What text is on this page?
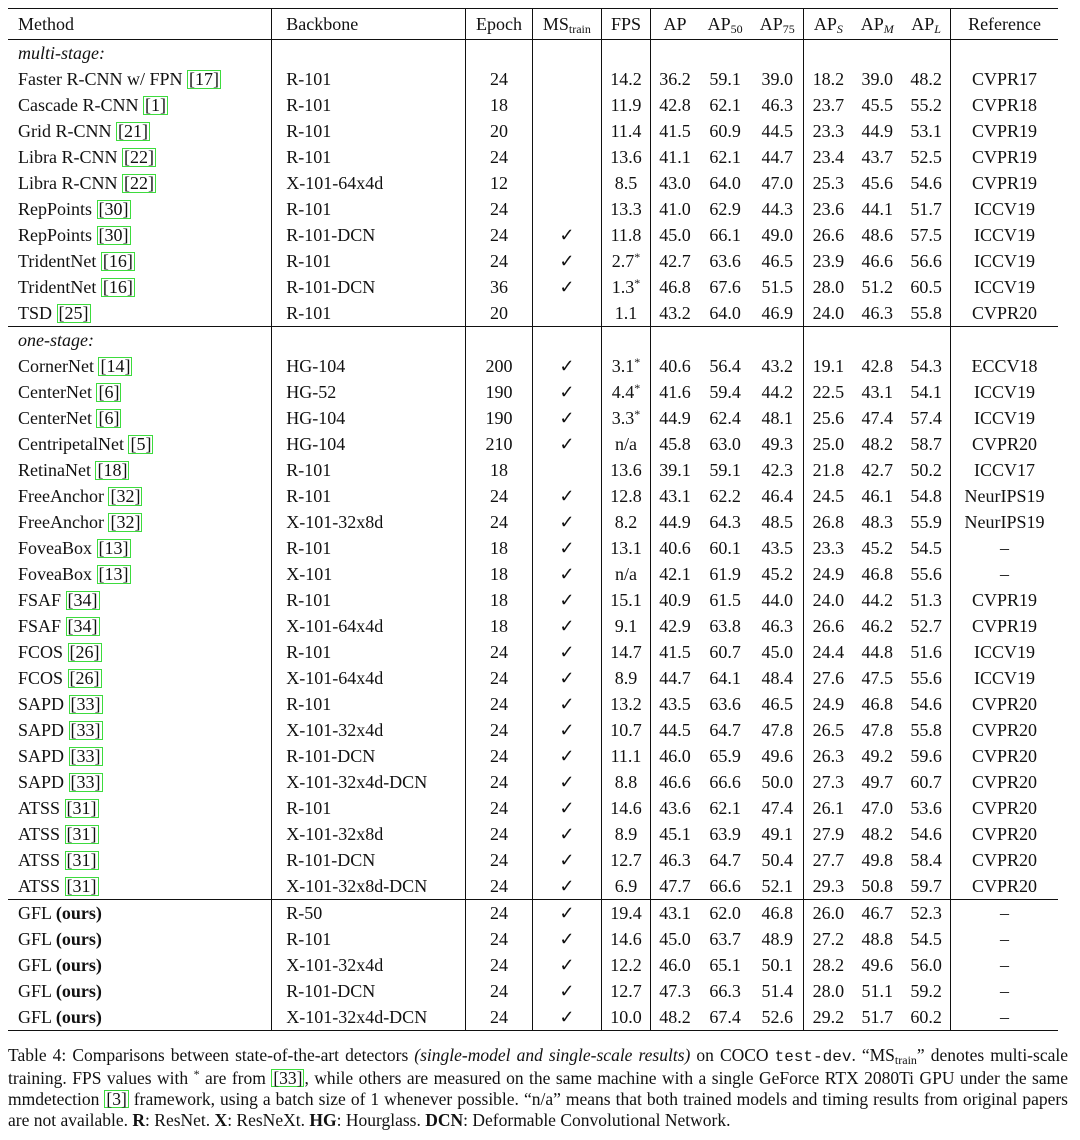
Method	Backbone	Epoch	$MS_{train}$	FPS	AP	$AP_{50}$	$AP_{75}$	$AP_S$	$AP_M$	$AP_L$	Reference
multi-stage:											
Faster R-CNN w/ FPN [17]	R-101	24		14.2	36.2	59.1	39.0	18.2	39.0	48.2	CVPR17
Cascade R-CNN [1]	R-101	18		11.9	42.8	62.1	46.3	23.7	45.5	55.2	CVPR18
Grid R-CNN [21]	R-101	20		11.4	41.5	60.9	44.5	23.3	44.9	53.1	CVPR19
Libra R-CNN [22]	R-101	24		13.6	41.1	62.1	44.7	23.4	43.7	52.5	CVPR19
Libra R-CNN [22]	X-101-64x4d	12		8.5	43.0	64.0	47.0	25.3	45.6	54.6	CVPR19
RepPoints [30]	R-101	24		13.3	41.0	62.9	44.3	23.6	44.1	51.7	ICCV19
RepPoints [30]	R-101-DCN	24	✓	11.8	45.0	66.1	49.0	26.6	48.6	57.5	ICCV19
TridentNet [16]	R-101	24	✓	2.7*	42.7	63.6	46.5	23.9	46.6	56.6	ICCV19
TridentNet [16]	R-101-DCN	36	✓	1.3*	46.8	67.6	51.5	28.0	51.2	60.5	ICCV19
TSD [25]	R-101	20		1.1	43.2	64.0	46.9	24.0	46.3	55.8	CVPR20
one-stage:											
CornerNet [14]	HG-104	200	✓	3.1*	40.6	56.4	43.2	19.1	42.8	54.3	ECCV18
CenterNet [6]	HG-52	190	✓	4.4*	41.6	59.4	44.2	22.5	43.1	54.1	ICCV19
CenterNet [6]	HG-104	190	✓	3.3*	44.9	62.4	48.1	25.6	47.4	57.4	ICCV19
CentripetalNet [5]	HG-104	210	✓	n/a	45.8	63.0	49.3	25.0	48.2	58.7	CVPR20
RetinaNet [18]	R-101	18		13.6	39.1	59.1	42.3	21.8	42.7	50.2	ICCV17
FreeAnchor [32]	R-101	24	✓	12.8	43.1	62.2	46.4	24.5	46.1	54.8	NeurIPS19
FreeAnchor [32]	X-101-32x8d	24	✓	8.2	44.9	64.3	48.5	26.8	48.3	55.9	NeurIPS19
FoveaBox [13]	R-101	18	✓	13.1	40.6	60.1	43.5	23.3	45.2	54.5	–
FoveaBox [13]	X-101	18	✓	n/a	42.1	61.9	45.2	24.9	46.8	55.6	–
FSAF [34]	R-101	18	✓	15.1	40.9	61.5	44.0	24.0	44.2	51.3	CVPR19
FSAF [34]	X-101-64x4d	18	✓	9.1	42.9	63.8	46.3	26.6	46.2	52.7	CVPR19
FCOS [26]	R-101	24	✓	14.7	41.5	60.7	45.0	24.4	44.8	51.6	ICCV19
FCOS [26]	X-101-64x4d	24	✓	8.9	44.7	64.1	48.4	27.6	47.5	55.6	ICCV19
SAPD [33]	R-101	24	✓	13.2	43.5	63.6	46.5	24.9	46.8	54.6	CVPR20
SAPD [33]	X-101-32x4d	24	✓	10.7	44.5	64.7	47.8	26.5	47.8	55.8	CVPR20
SAPD [33]	R-101-DCN	24	✓	11.1	46.0	65.9	49.6	26.3	49.2	59.6	CVPR20
SAPD [33]	X-101-32x4d-DCN	24	✓	8.8	46.6	66.6	50.0	27.3	49.7	60.7	CVPR20
ATSS [31]	R-101	24	✓	14.6	43.6	62.1	47.4	26.1	47.0	53.6	CVPR20
ATSS [31]	X-101-32x8d	24	✓	8.9	45.1	63.9	49.1	27.9	48.2	54.6	CVPR20
ATSS [31]	R-101-DCN	24	✓	12.7	46.3	64.7	50.4	27.7	49.8	58.4	CVPR20
ATSS [31]	X-101-32x8d-DCN	24	✓	6.9	47.7	66.6	52.1	29.3	50.8	59.7	CVPR20
GFL (ours)	R-50	24	✓	19.4	43.1	62.0	46.8	26.0	46.7	52.3	–
GFL (ours)	R-101	24	✓	14.6	45.0	63.7	48.9	27.2	48.8	54.5	–
GFL (ours)	X-101-32x4d	24	✓	12.2	46.0	65.1	50.1	28.2	49.6	56.0	–
GFL (ours)	R-101-DCN	24	✓	12.7	47.3	66.3	51.4	28.0	51.1	59.2	–
GFL (ours)	X-101-32x4d-DCN	24	✓	10.0	48.2	67.4	52.6	29.2	51.7	60.2	–
Table 4: Comparisons between state-of-the-art detectors (single-model and single-scale results) on COCO test-dev. “$MS_{train}$” denotes multi-scale training. FPS values with * are from [33] , while others are measured on the same machine with a single GeForce RTX 2080Ti GPU under the same mmdetection [3] framework, using a batch size of 1 whenever possible. “n/a” means that both trained models and timing results from original papers are not available. R: ResNet. X: ResNeXt. HG: Hourglass. DCN: Deformable Convolutional Network.
